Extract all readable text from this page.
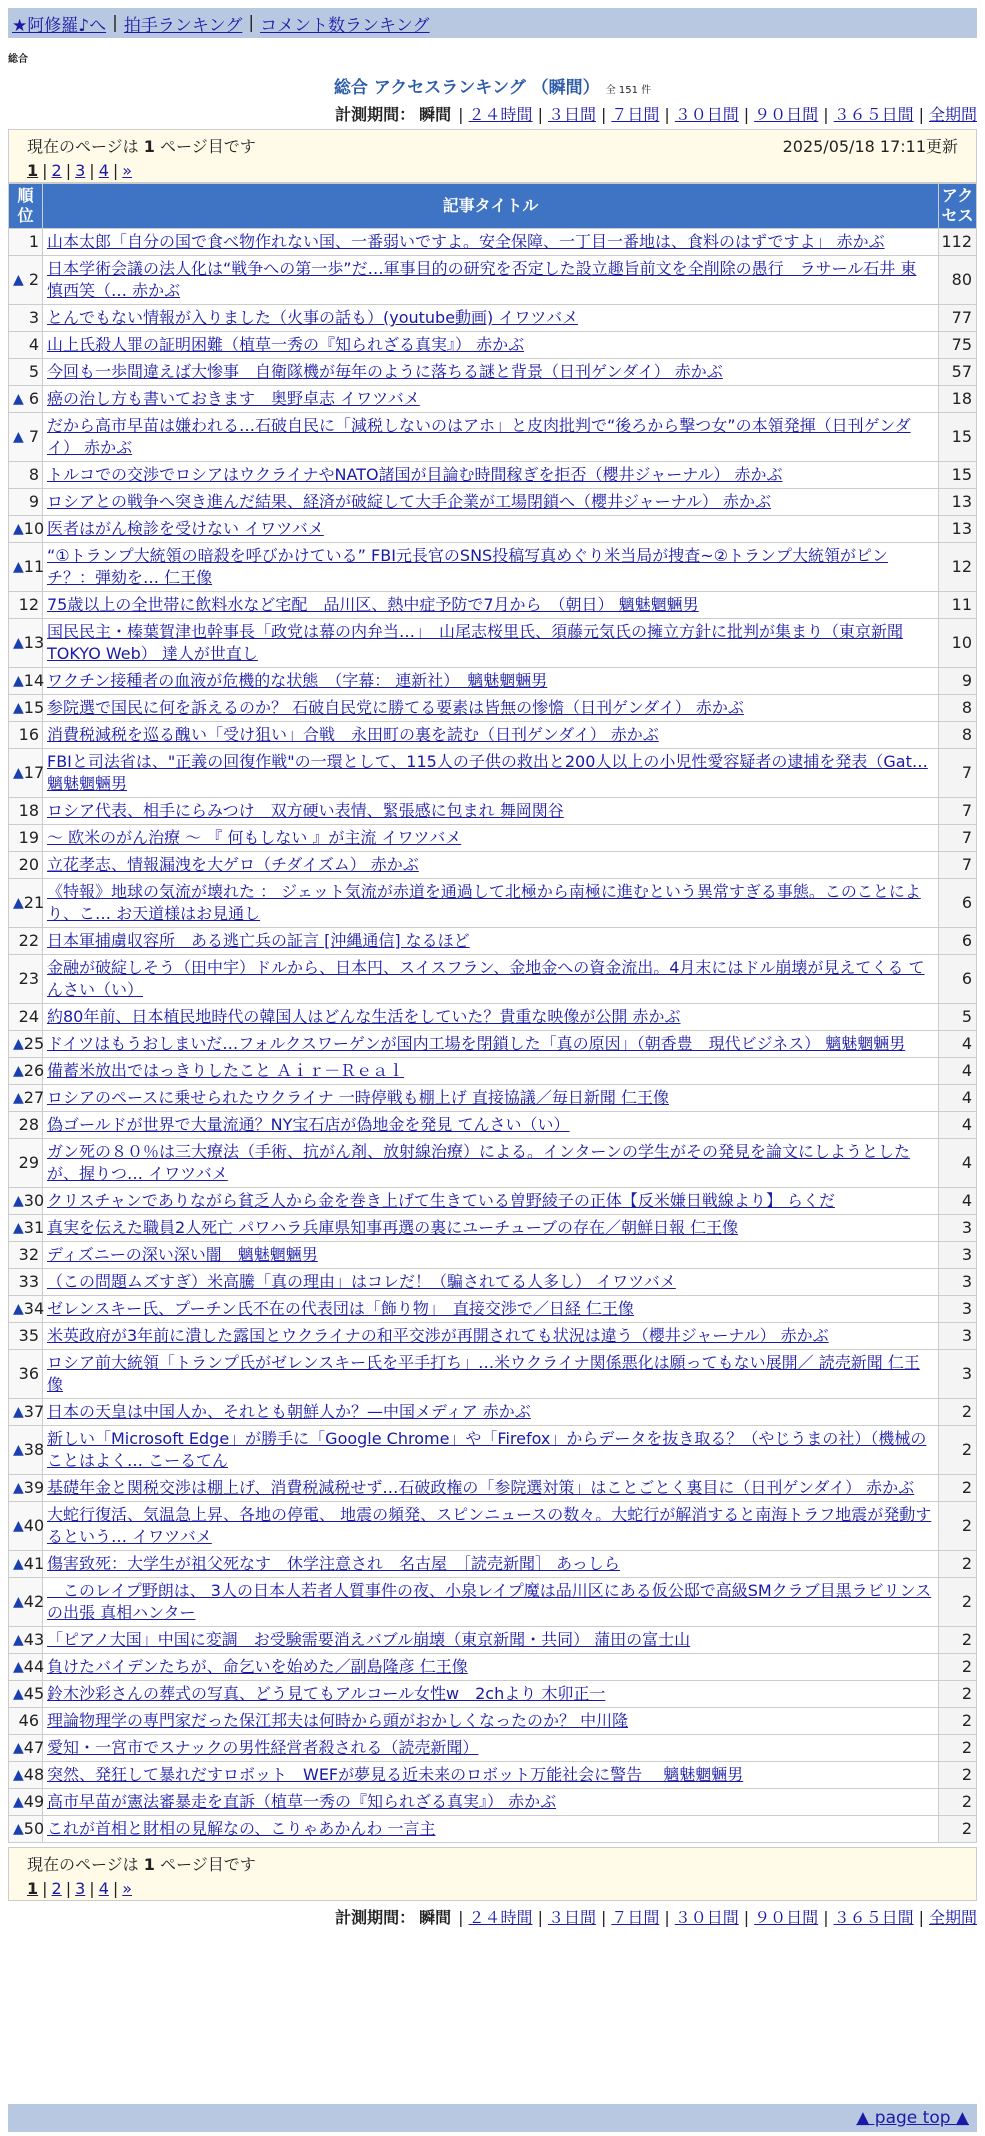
★阿修羅♪へ | 拍手ランキング | コメント数ランキング
総合
総合 アクセスランキング （瞬間） 全 151 件
計測期間： 瞬間 | ２４時間 | ３日間 | ７日間 | ３０日間 | ９０日間 | ３６５日間 | 全期間
現在のページは 1 ページ目です	2025/05/18 17:11更新
1 | 2 | 3 | 4 | »
順位	記事タイトル	アクセス
1	山本太郎「自分の国で食べ物作れない国、一番弱いですよ。安全保障、一丁目一番地は、食料のはずですよ」 赤かぶ	112

▲ 2	日本学術会議の法人化は“戦争への第一歩”だ…軍事目的の研究を否定した設立趣旨前文を全削除の愚行　ラサール石井 東 慎西笑（… 赤かぶ	80
3	とんでもない情報が入りました（火事の話も）(youtube動画) イワツバメ	77
4	山上氏殺人罪の証明困難（植草一秀の『知られざる真実』） 赤かぶ	75
5	今回も一歩間違えば大惨事　自衛隊機が毎年のように落ちる謎と背景（日刊ゲンダイ） 赤かぶ	57

▲ 6	癌の治し方も書いておきます　奥野卓志 イワツバメ	18

▲ 7	だから高市早苗は嫌われる…石破自民に「減税しないのはアホ」と皮肉批判で“後ろから撃つ女”の本領発揮（日刊ゲンダイ） 赤かぶ	15
8	トルコでの交渉でロシアはウクライナやNATO諸国が目論む時間稼ぎを拒否（櫻井ジャーナル） 赤かぶ	15
9	ロシアとの戦争へ突き進んだ結果、経済が破綻して大手企業が工場閉鎖へ（櫻井ジャーナル） 赤かぶ	13

▲ 10	医者はがん検診を受けない イワツバメ	13

▲ 11	“①トランプ大統領の暗殺を呼びかけている” FBI元長官のSNS投稿写真めぐり米当局が捜査~②トランプ大統領がピンチ？：弾劾を… 仁王像	12
12	75歳以上の全世帯に飲料水など宅配　品川区、熱中症予防で7月から　（朝日） 魑魅魍魎男	11

▲ 13	国民民主・榛葉賀津也幹事長「政党は幕の内弁当…」　山尾志桜里氏、須藤元気氏の擁立方針に批判が集まり（東京新聞TOKYO Web） 達人が世直し	10

▲ 14	ワクチン接種者の血液が危機的な状態　（字幕： 連新社）　魑魅魍魎男	9

▲ 15	参院選で国民に何を訴えるのか？ 石破自民党に勝てる要素は皆無の惨憺（日刊ゲンダイ） 赤かぶ	8
16	消費税減税を巡る醜い「受け狙い」合戦　永田町の裏を読む（日刊ゲンダイ） 赤かぶ	8

▲ 17	FBIと司法省は、"正義の回復作戦"の一環として、115人の子供の救出と200人以上の小児性愛容疑者の逮捕を発表（Gat… 魑魅魍魎男	7
18	ロシア代表、相手にらみつけ　双方硬い表情、緊張感に包まれ 舞岡関谷	7
19	〜 欧米のがん治療 〜 『 何もしない 』が主流 イワツバメ	7
20	立花孝志、情報漏洩を大ゲロ（チダイズム） 赤かぶ	7

▲ 21	《特報》地球の気流が壊れた ： ジェット気流が赤道を通過して北極から南極に進むという異常すぎる事態。このことにより、こ… お天道様はお見通し	6
22	日本軍捕虜収容所　ある逃亡兵の証言 [沖縄通信] なるほど	6
23	金融が破綻しそう（田中宇）ドルから、日本円、スイスフラン、金地金への資金流出。4月末にはドル崩壊が見えてくる てんさい（い）	6
24	約80年前、日本植民地時代の韓国人はどんな生活をしていた？貴重な映像が公開 赤かぶ	5

▲ 25	ドイツはもうおしまいだ…フォルクスワーゲンが国内工場を閉鎖した「真の原因」（朝香豊　現代ビジネス） 魑魅魍魎男	4

▲ 26	備蓄米放出ではっきりしたこと Ａｉｒ－Ｒｅａｌ	4

▲ 27	ロシアのペースに乗せられたウクライナ 一時停戦も棚上げ 直接協議／毎日新聞 仁王像	4
28	偽ゴールドが世界で大量流通？NY宝石店が偽地金を発見 てんさい（い）	4
29	ガン死の８０％は三大療法（手術、抗がん剤、放射線治療）による。インターンの学生がその発見を論文にしようとしたが、握りつ… イワツバメ	4

▲ 30	クリスチャンでありながら貧乏人から金を巻き上げて生きている曽野綾子の正体【反米嫌日戦線より】 らくだ	4

▲ 31	真実を伝えた職員2人死亡 パワハラ兵庫県知事再選の裏にユーチューブの存在／朝鮮日報 仁王像	3
32	ディズニーの深い深い闇　魑魅魍魎男	3
33	（この問題ムズすぎ）米高騰「真の理由」はコレだ！（騙されてる人多し） イワツバメ	3

▲ 34	ゼレンスキー氏、プーチン氏不在の代表団は「飾り物」　直接交渉で／日経 仁王像	3
35	米英政府が3年前に潰した露国とウクライナの和平交渉が再開されても状況は違う（櫻井ジャーナル） 赤かぶ	3
36	ロシア前大統領「トランプ氏がゼレンスキー氏を平手打ち」…米ウクライナ関係悪化は願ってもない展開／ 読売新聞 仁王像	3

▲ 37	日本の天皇は中国人か、それとも朝鮮人か？—中国メディア 赤かぶ	2

▲ 38	新しい「Microsoft Edge」が勝手に「Google Chrome」や「Firefox」からデータを抜き取る？（やじうまの社）（機械のことはよく… こーるてん	2

▲ 39	基礎年金と関税交渉は棚上げ、消費税減税せず…石破政権の「参院選対策」はことごとく裏目に（日刊ゲンダイ） 赤かぶ	2

▲ 40	大蛇行復活、気温急上昇、各地の停電、 地震の頻発、スピンニュースの数々。大蛇行が解消すると南海トラフ地震が発動するという… イワツバメ	2

▲ 41	傷害致死：大学生が祖父死なす　休学注意され　名古屋　［読売新聞］ あっしら	2

▲ 42	　このレイプ野朗は、 3人の日本人若者人質事件の夜、小泉レイプ魔は品川区にある仮公邸で高級SMクラブ目黒ラビリンスの出張 真相ハンター	2

▲ 43	「ピアノ大国」中国に変調　お受験需要消えバブル崩壊（東京新聞・共同） 蒲田の富士山	2

▲ 44	負けたバイデンたちが、命乞いを始めた／副島隆彦 仁王像	2

▲ 45	鈴木沙彩さんの葬式の写真、どう見てもアルコール女性w　2chより 木卯正一	2
46	理論物理学の専門家だった保江邦夫は何時から頭がおかしくなったのか？ 中川隆	2

▲ 47	愛知・一宮市でスナックの男性経営者殺される（読売新聞）	2

▲ 48	突然、発狂して暴れだすロボット　WEFが夢見る近未来のロボット万能社会に警告　 魑魅魍魎男	2

▲ 49	高市早苗が憲法審暴走を直訴（植草一秀の『知られざる真実』） 赤かぶ	2

▲ 50	これが首相と財相の見解なの、こりゃあかんわ 一言主	2
現在のページは 1 ページ目です
1 | 2 | 3 | 4 | »
計測期間： 瞬間 | ２４時間 | ３日間 | ７日間 | ３０日間 | ９０日間 | ３６５日間 | 全期間
▲ page top ▲
